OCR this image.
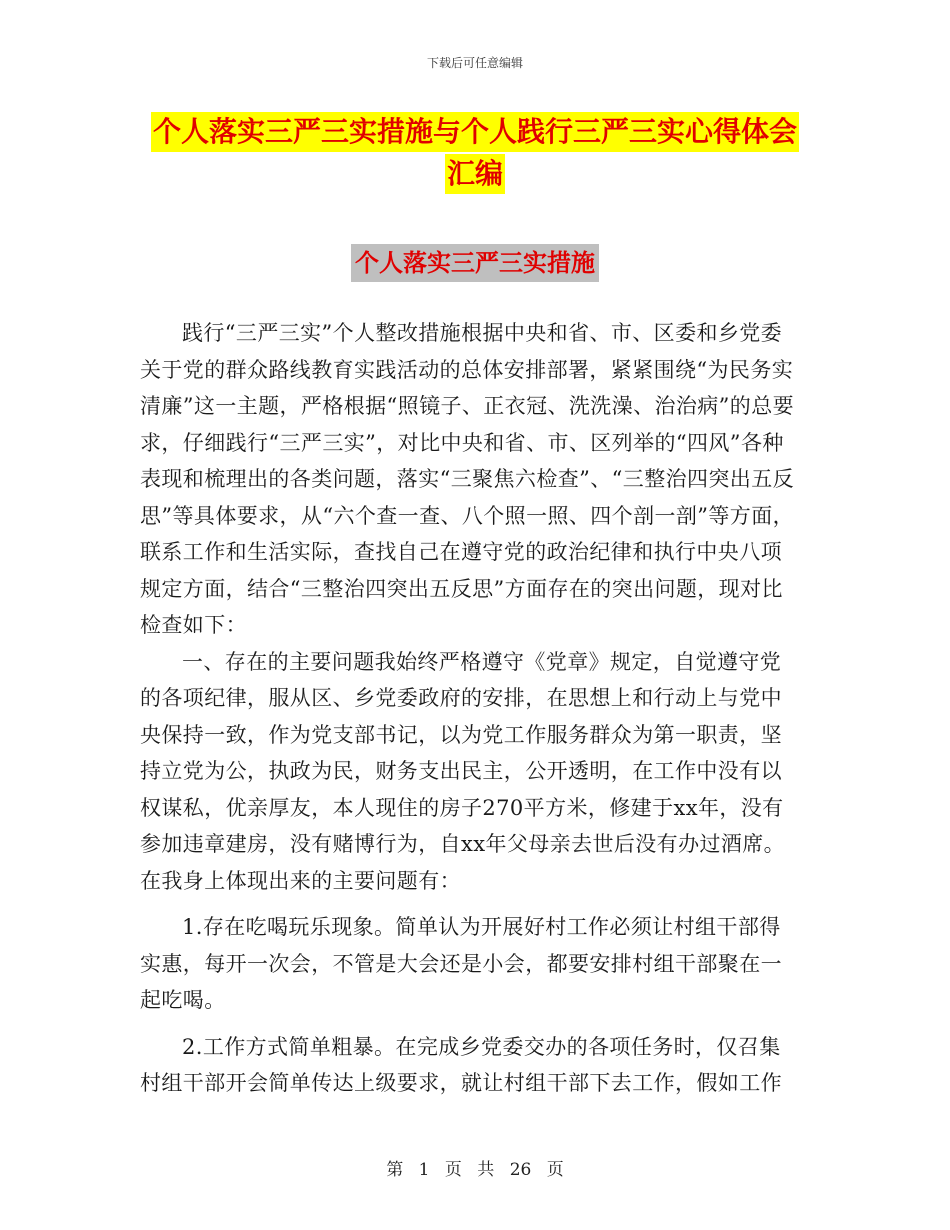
下载后可任意编辑
个人落实三严三实措施与个人践行三严三实心得体会
汇编
个人落实三严三实措施

践行“三严三实”个人整改措施根据中央和省、市、区委和乡党委关于党的群众路线教育实践活动的总体安排部署，紧紧围绕“为民务实清廉”这一主题，严格根据“照镜子、正衣冠、洗洗澡、治治病”的总要求，仔细践行“三严三实”，对比中央和省、市、区列举的“四风”各种表现和梳理出的各类问题，落实“三聚焦六检查”、“三整治四突出五反思”等具体要求，从“六个查一查、八个照一照、四个剖一剖”等方面，联系工作和生活实际，查找自己在遵守党的政治纪律和执行中央八项规定方面，结合“三整治四突出五反思”方面存在的突出问题，现对比检查如下：

一、存在的主要问题我始终严格遵守《党章》规定，自觉遵守党的各项纪律，服从区、乡党委政府的安排，在思想上和行动上与党中央保持一致，作为党支部书记，以为党工作服务群众为第一职责，坚持立党为公，执政为民，财务支出民主，公开透明，在工作中没有以权谋私，优亲厚友，本人现住的房子270平方米，修建于xx年，没有参加违章建房，没有赌博行为，自xx年父母亲去世后没有办过酒席。在我身上体现出来的主要问题有：

1.存在吃喝玩乐现象。简单认为开展好村工作必须让村组干部得实惠，每开一次会，不管是大会还是小会，都要安排村组干部聚在一起吃喝。

2.工作方式简单粗暴。在完成乡党委交办的各项任务时，仅召集村组干部开会简单传达上级要求，就让村组干部下去工作，假如工作

第 1 页 共 26 页
